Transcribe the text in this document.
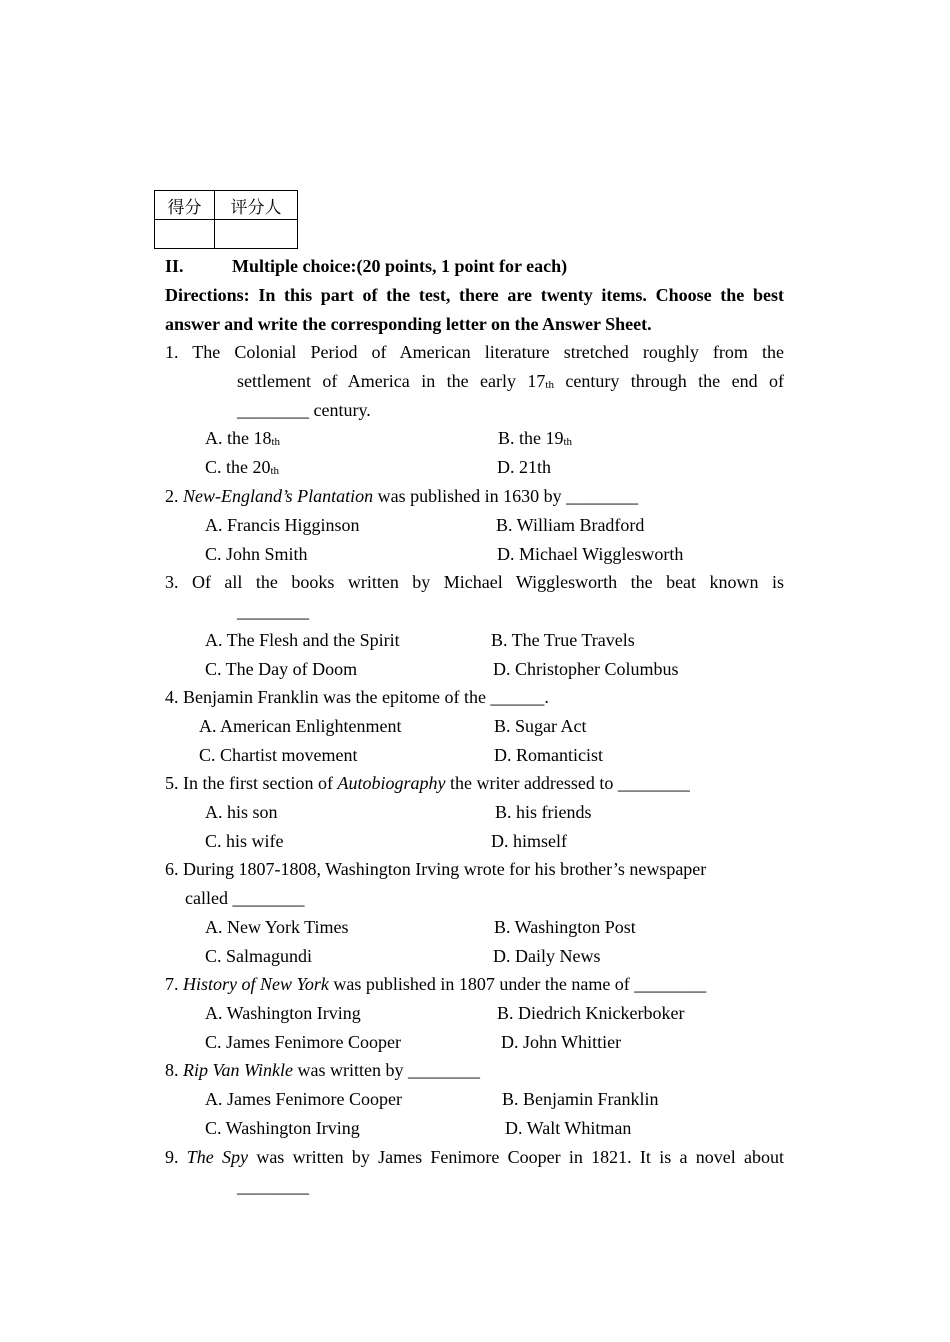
得分	评分人

II.	Multiple choice:(20 points, 1 point for each)
Directions: In this part of the test, there are twenty items. Choose the best
answer and write the corresponding letter on the Answer Sheet.
1. The Colonial Period of American literature stretched roughly from the
settlement of America in the early $17_{th}$ century through the end of
________ century.
A. the $18_{th}$	B. the $19_{th}$
C. the $20_{th}$	D. 21th
2. New-England’s Plantation was published in 1630 by ________
A. Francis Higginson	B. William Bradford
C. John Smith	D. Michael Wigglesworth
3. Of all the books written by Michael Wigglesworth the beat known is
________
A. The Flesh and the Spirit	B. The True Travels
C. The Day of Doom	D. Christopher Columbus
4. Benjamin Franklin was the epitome of the ______.
A. American Enlightenment	B. Sugar Act
C. Chartist movement	D. Romanticist
5. In the first section of Autobiography the writer addressed to ________
A. his son	B. his friends
C. his wife	D. himself
6. During 1807-1808, Washington Irving wrote for his brother’s newspaper
called ________
A. New York Times	B. Washington Post
C. Salmagundi	D. Daily News
7. History of New York was published in 1807 under the name of ________
A. Washington Irving	B. Diedrich Knickerboker
C. James Fenimore Cooper	D. John Whittier
8. Rip Van Winkle was written by ________
A. James Fenimore Cooper	B. Benjamin Franklin
C. Washington Irving	D. Walt Whitman
9. The Spy was written by James Fenimore Cooper in 1821. It is a novel about
________
